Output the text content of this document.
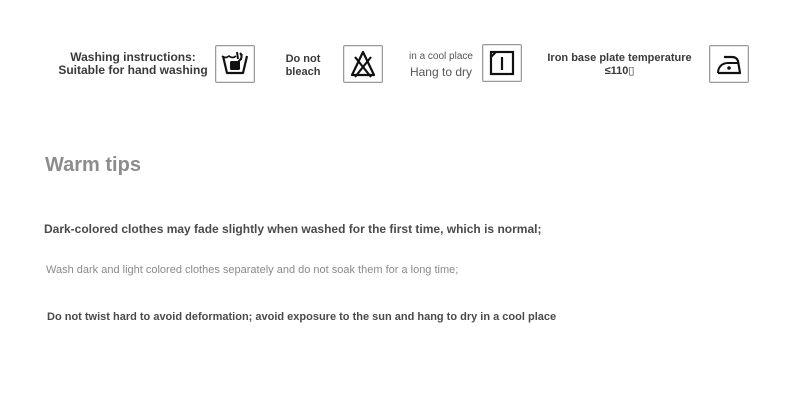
Washing instructions:
Suitable for hand washing
Do not
bleach
in a cool place
Hang to dry
Iron base plate temperature
≤110▯
Warm tips
Dark-colored clothes may fade slightly when washed for the first time, which is normal;
Wash dark and light colored clothes separately and do not soak them for a long time;
Do not twist hard to avoid deformation; avoid exposure to the sun and hang to dry in a cool place
